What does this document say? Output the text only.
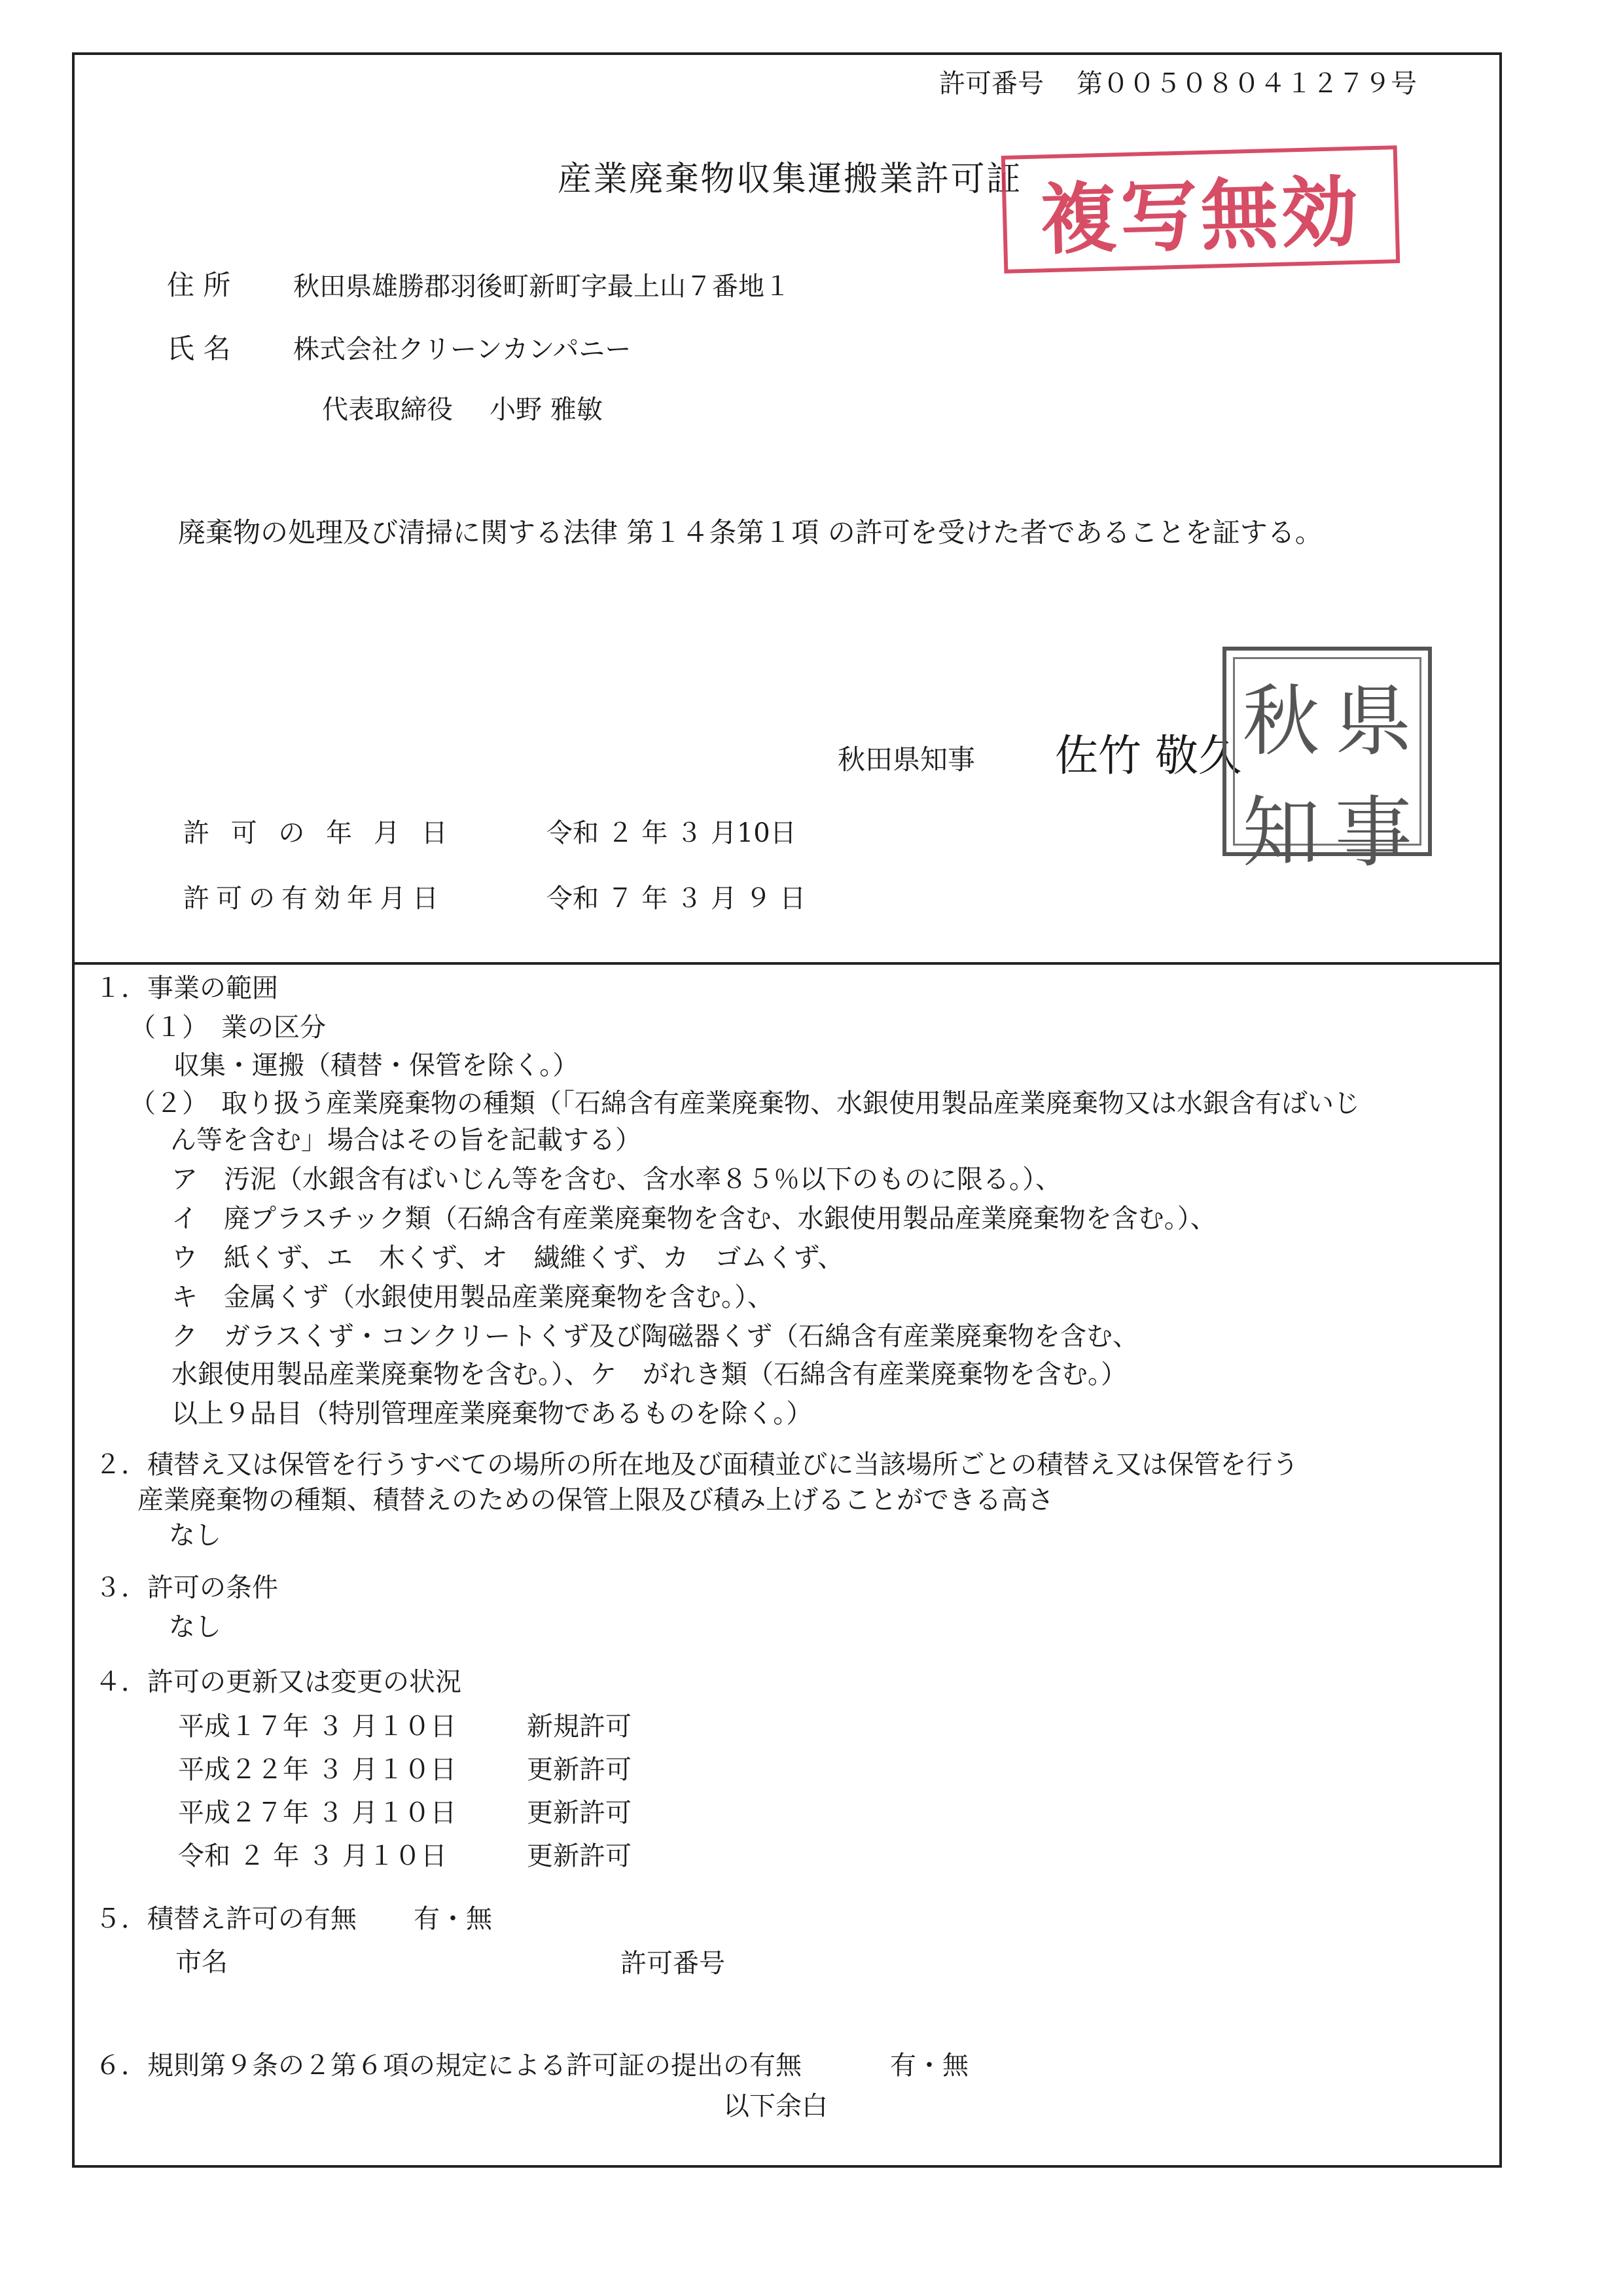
許可番号 第００５０８０４１２７９号
産業廃棄物収集運搬業許可証 複写無効
住 所 秋田県雄勝郡羽後町新町字最上山７番地１
氏 名 株式会社クリーンカンパニー
代表取締役 小野 雅敏
廃棄物の処理及び清掃に関する法律 第１４条第１項 の許可を受けた者であることを証する。
秋田県知事 佐竹 敬久 秋 県
知 事
許 可 の 年 月 日	令和 ２ 年 ３ 月10日
許可の有効年月日	令和 ７ 年 ３ 月 ９ 日
１．事業の範囲
（１）　業の区分
収集・運搬（積替・保管を除く。）
（２）　取り扱う産業廃棄物の種類（「石綿含有産業廃棄物、水銀使用製品産業廃棄物又は水銀含有ばいじ
ん等を含む」場合はその旨を記載する）
ア　汚泥（水銀含有ばいじん等を含む、含水率８５％以下のものに限る。）、
イ　廃プラスチック類（石綿含有産業廃棄物を含む、水銀使用製品産業廃棄物を含む。）、
ウ　紙くず、エ　木くず、オ　繊維くず、カ　ゴムくず、
キ　金属くず（水銀使用製品産業廃棄物を含む。）、
ク　ガラスくず・コンクリートくず及び陶磁器くず（石綿含有産業廃棄物を含む、
水銀使用製品産業廃棄物を含む。）、ケ　がれき類（石綿含有産業廃棄物を含む。）
以上９品目（特別管理産業廃棄物であるものを除く。）
２．積替え又は保管を行うすべての場所の所在地及び面積並びに当該場所ごとの積替え又は保管を行う
産業廃棄物の種類、積替えのための保管上限及び積み上げることができる高さ
なし
３．許可の条件
なし
４．許可の更新又は変更の状況
平成１７年 ３ 月１０日	新規許可
平成２２年 ３ 月１０日	更新許可
平成２７年 ３ 月１０日	更新許可
令和 ２ 年 ３ 月１０日	更新許可
５．積替え許可の有無 有・無
市名	許可番号
６．規則第９条の２第６項の規定による許可証の提出の有無	有・無
以下余白
